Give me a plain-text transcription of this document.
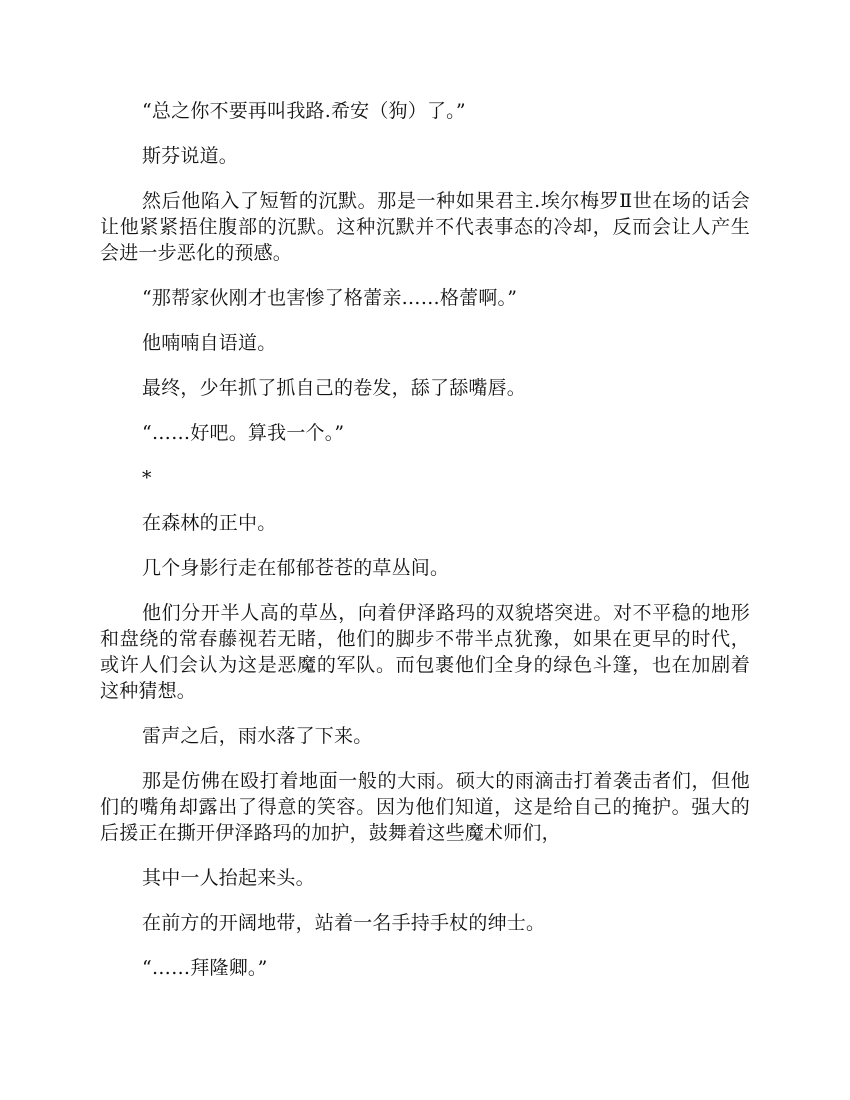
“总之你不要再叫我路.希安（狗）了。”

斯芬说道。

然后他陷入了短暂的沉默。那是一种如果君主.埃尔梅罗Ⅱ世在场的话会让他紧紧捂住腹部的沉默。这种沉默并不代表事态的冷却，反而会让人产生会进一步恶化的预感。

“那帮家伙刚才也害惨了格蕾亲……格蕾啊。”

他喃喃自语道。

最终，少年抓了抓自己的卷发，舔了舔嘴唇。

“……好吧。算我一个。”

*

在森林的正中。

几个身影行走在郁郁苍苍的草丛间。

他们分开半人高的草丛，向着伊泽路玛的双貌塔突进。对不平稳的地形和盘绕的常春藤视若无睹，他们的脚步不带半点犹豫，如果在更早的时代，或许人们会认为这是恶魔的军队。而包裹他们全身的绿色斗篷，也在加剧着这种猜想。

雷声之后，雨水落了下来。

那是仿佛在殴打着地面一般的大雨。硕大的雨滴击打着袭击者们，但他们的嘴角却露出了得意的笑容。因为他们知道，这是给自己的掩护。强大的后援正在撕开伊泽路玛的加护，鼓舞着这些魔术师们，

其中一人抬起来头。

在前方的开阔地带，站着一名手持手杖的绅士。

“……拜隆卿。”
